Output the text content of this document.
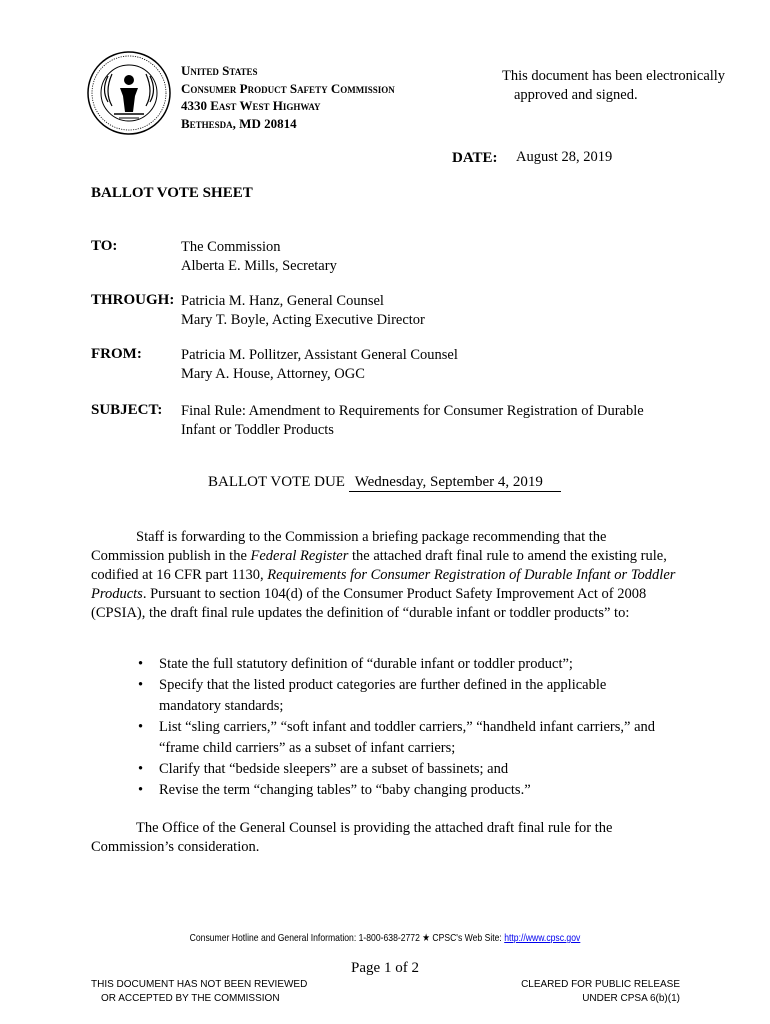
United States
Consumer Product Safety Commission
4330 East West Highway
Bethesda, MD 20814
This document has been electronically
approved and signed.
DATE: August 28, 2019
BALLOT VOTE SHEET
TO:	The Commission
Alberta E. Mills, Secretary
THROUGH: Patricia M. Hanz, General Counsel
Mary T. Boyle, Acting Executive Director
FROM:	Patricia M. Pollitzer, Assistant General Counsel
Mary A. House, Attorney, OGC
SUBJECT: Final Rule: Amendment to Requirements for Consumer Registration of Durable
Infant or Toddler Products
BALLOT VOTE DUE Wednesday, September 4, 2019
Staff is forwarding to the Commission a briefing package recommending that the Commission publish in the Federal Register the attached draft final rule to amend the existing rule, codified at 16 CFR part 1130, Requirements for Consumer Registration of Durable Infant or Toddler Products. Pursuant to section 104(d) of the Consumer Product Safety Improvement Act of 2008 (CPSIA), the draft final rule updates the definition of “durable infant or toddler products” to:
• State the full statutory definition of “durable infant or toddler product”;
• Specify that the listed product categories are further defined in the applicable mandatory standards;
• List “sling carriers,” “soft infant and toddler carriers,” “handheld infant carriers,” and “frame child carriers” as a subset of infant carriers;
• Clarify that “bedside sleepers” are a subset of bassinets; and
• Revise the term “changing tables” to “baby changing products.”
The Office of the General Counsel is providing the attached draft final rule for the Commission’s consideration.
Consumer Hotline and General Information: 1-800-638-2772 ★ CPSC's Web Site: http://www.cpsc.gov
Page 1 of 2
THIS DOCUMENT HAS NOT BEEN REVIEWED
OR ACCEPTED BY THE COMMISSION
CLEARED FOR PUBLIC RELEASE
UNDER CPSA 6(b)(1)
